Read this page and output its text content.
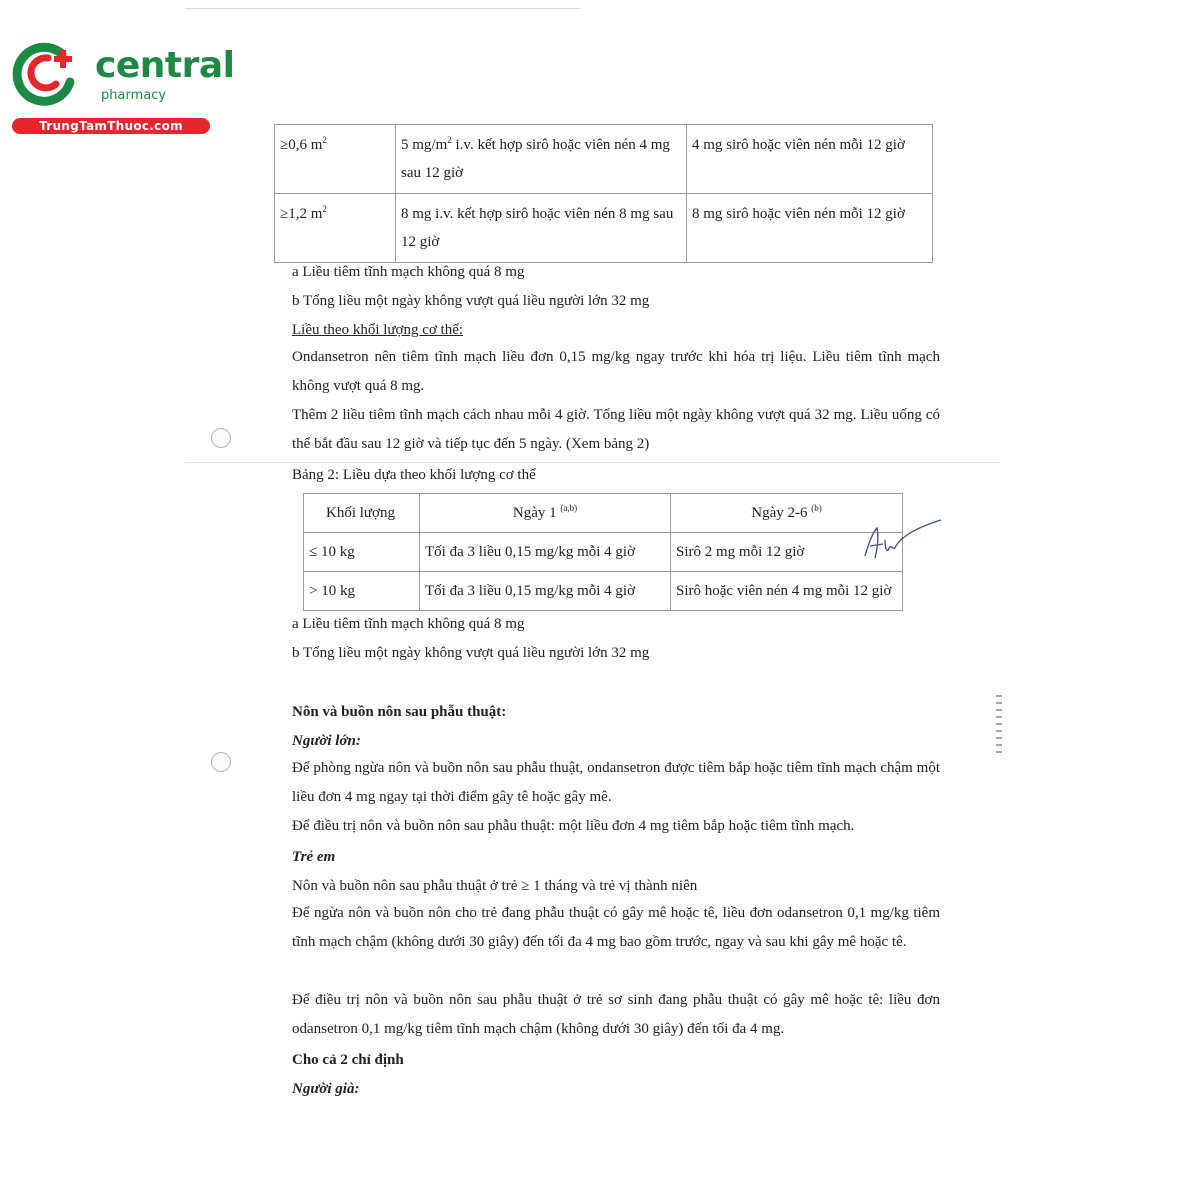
central
pharmacy
TrungTamThuoc.com
≥0,6 $m^2$	5 $mg/m^2$ i.v. kết hợp sirô hoặc viên nén 4 mg sau 12 giờ	4 mg sirô hoặc viên nén mỗi 12 giờ
≥1,2 $m^2$	8 mg i.v. kết hợp sirô hoặc viên nén 8 mg sau 12 giờ	8 mg sirô hoặc viên nén mỗi 12 giờ
a Liều tiêm tĩnh mạch không quá 8 mg
b Tổng liều một ngày không vượt quá liều người lớn 32 mg
Liều theo khối lượng cơ thể:
Ondansetron nên tiêm tĩnh mạch liều đơn 0,15 mg/kg ngay trước khi hóa trị liệu. Liều tiêm tĩnh mạch không vượt quá 8 mg.
Thêm 2 liều tiêm tĩnh mạch cách nhau mỗi 4 giờ. Tổng liều một ngày không vượt quá 32 mg. Liều uống có thể bắt đầu sau 12 giờ và tiếp tục đến 5 ngày. (Xem bảng 2)
Bảng 2: Liều dựa theo khối lượng cơ thể
Khối lượng	Ngày 1 $^{(a,b)}$	Ngày 2-6 $^{(b)}$
≤ 10 kg	Tối đa 3 liều 0,15 mg/kg mỗi 4 giờ	Sirô 2 mg mỗi 12 giờ
> 10 kg	Tối đa 3 liều 0,15 mg/kg mỗi 4 giờ	Sirô hoặc viên nén 4 mg mỗi 12 giờ
a Liều tiêm tĩnh mạch không quá 8 mg
b Tổng liều một ngày không vượt quá liều người lớn 32 mg
Nôn và buồn nôn sau phẫu thuật:
Người lớn:
Để phòng ngừa nôn và buồn nôn sau phẫu thuật, ondansetron được tiêm bắp hoặc tiêm tĩnh mạch chậm một liều đơn 4 mg ngay tại thời điểm gây tê hoặc gây mê.
Để điều trị nôn và buồn nôn sau phẫu thuật: một liều đơn 4 mg tiêm bắp hoặc tiêm tĩnh mạch.
Trẻ em
Nôn và buồn nôn sau phẫu thuật ở trẻ ≥ 1 tháng và trẻ vị thành niên
Để ngừa nôn và buồn nôn cho trẻ đang phẫu thuật có gây mê hoặc tê, liều đơn odansetron 0,1 mg/kg tiêm tĩnh mạch chậm (không dưới 30 giây) đến tối đa 4 mg bao gồm trước, ngay và sau khi gây mê hoặc tê.
Để điều trị nôn và buồn nôn sau phẫu thuật ở trẻ sơ sinh đang phẫu thuật có gây mê hoặc tê: liều đơn odansetron 0,1 mg/kg tiêm tĩnh mạch chậm (không dưới 30 giây) đến tối đa 4 mg.
Cho cả 2 chỉ định
Người già:
